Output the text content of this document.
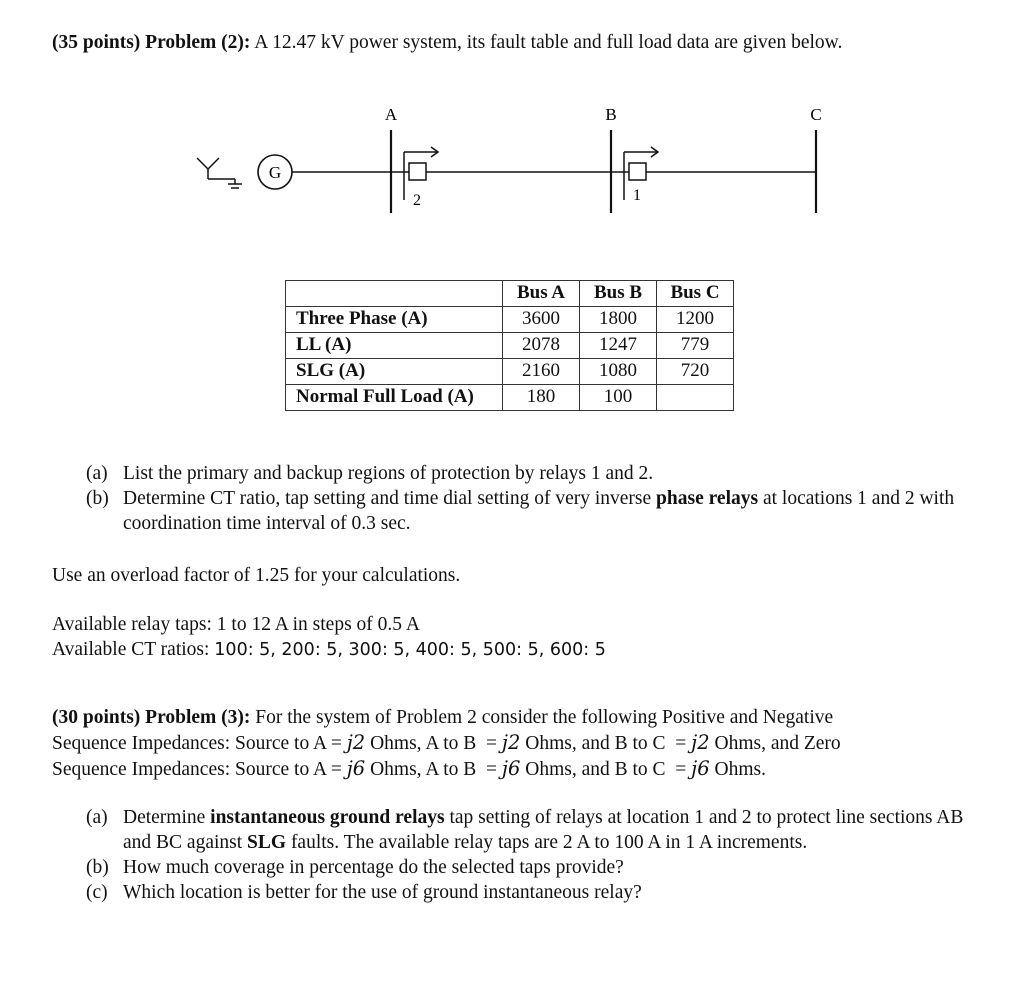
(35 points) Problem (2): A 12.47 kV power system, its fault table and full load data are given below.
G
A
2
B
1
C
	Bus A	Bus B	Bus C
Three Phase (A)	3600	1800	1200
LL (A)	2078	1247	779
SLG (A)	2160	1080	720
Normal Full Load (A)	180	100	
(a) List the primary and backup regions of protection by relays 1 and 2.
(b) Determine CT ratio, tap setting and time dial setting of very inverse phase relays at locations 1 and 2 with coordination time interval of 0.3 sec.
Use an overload factor of 1.25 for your calculations.
Available relay taps: 1 to 12 A in steps of 0.5 A
Available CT ratios: 100: 5, 200: 5, 300: 5, 400: 5, 500: 5, 600: 5
(30 points) Problem (3): For the system of Problem 2 consider the following Positive and Negative
Sequence Impedances: Source to A = j2 Ohms, A to B  = j2 Ohms, and B to C  = j2 Ohms, and Zero
Sequence Impedances: Source to A = j6 Ohms, A to B  = j6 Ohms, and B to C  = j6 Ohms.
(a) Determine instantaneous ground relays tap setting of relays at location 1 and 2 to protect line sections AB and BC against SLG faults. The available relay taps are 2 A to 100 A in 1 A increments.
(b) How much coverage in percentage do the selected taps provide?
(c) Which location is better for the use of ground instantaneous relay?
